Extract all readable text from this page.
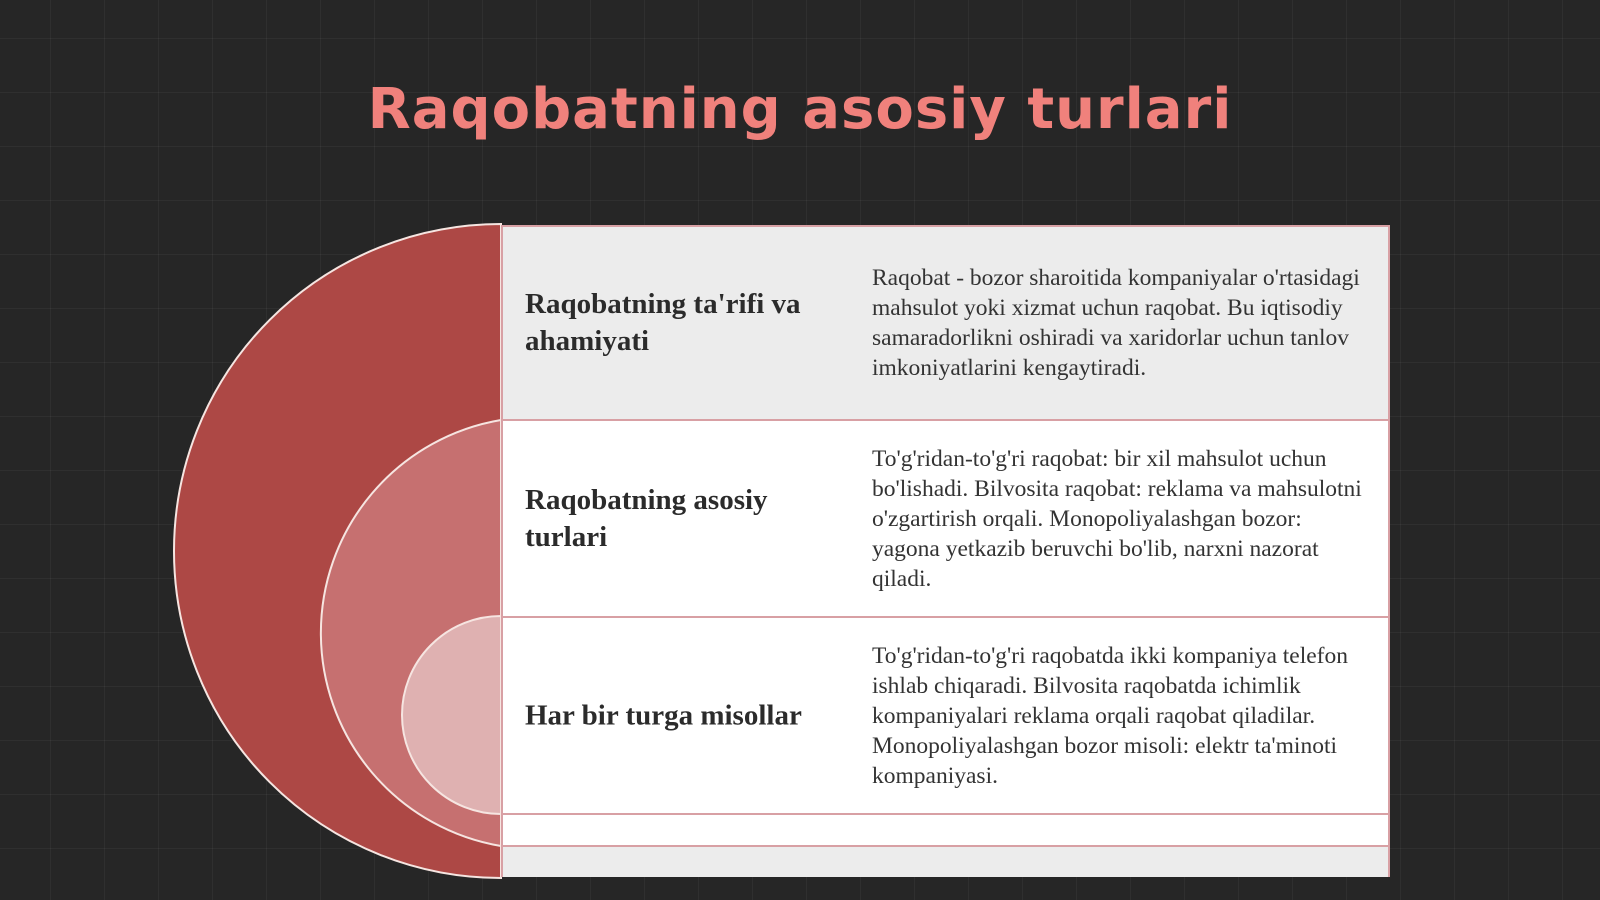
Raqobatning asosiy turlari
Raqobatning ta'rifi va ahamiyati

Raqobat - bozor sharoitida kompaniyalar o'rtasidagi mahsulot yoki xizmat uchun raqobat. Bu iqtisodiy samaradorlikni oshiradi va xaridorlar uchun tanlov imkoniyatlarini kengaytiradi.

Raqobatning asosiy turlari

To'g'ridan-to'g'ri raqobat: bir xil mahsulot uchun bo'lishadi. Bilvosita raqobat: reklama va mahsulotni o'zgartirish orqali. Monopoliyalashgan bozor: yagona yetkazib beruvchi bo'lib, narxni nazorat qiladi.

Har bir turga misollar

To'g'ridan-to'g'ri raqobatda ikki kompaniya telefon ishlab chiqaradi. Bilvosita raqobatda ichimlik kompaniyalari reklama orqali raqobat qiladilar. Monopoliyalashgan bozor misoli: elektr ta'minoti kompaniyasi.
